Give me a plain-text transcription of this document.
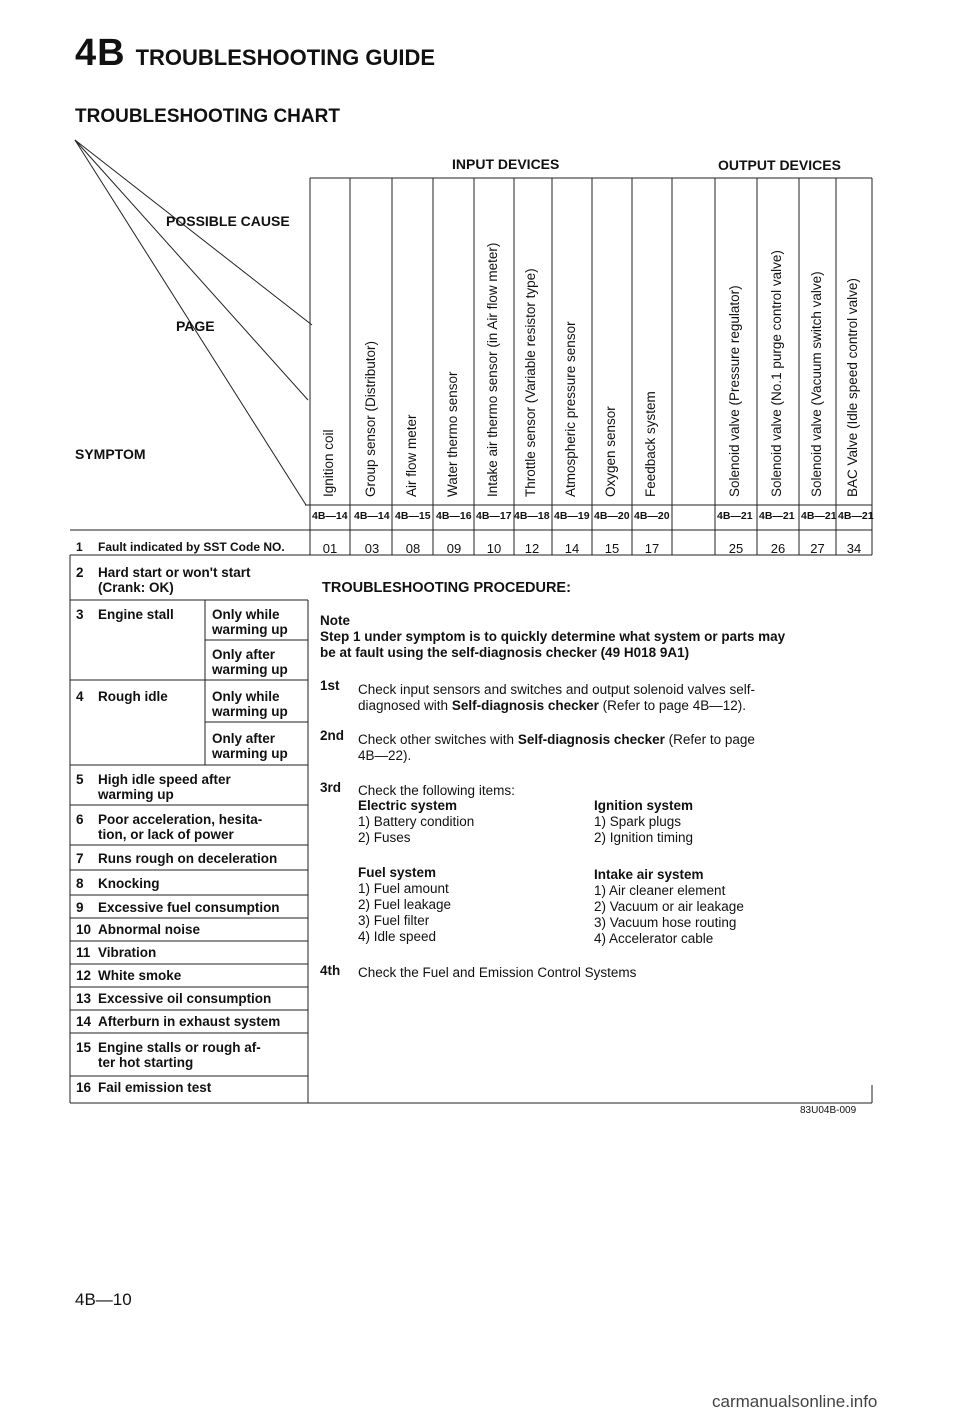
4B TROUBLESHOOTING GUIDE
TROUBLESHOOTING CHART
POSSIBLE CAUSE
PAGE
SYMPTOM
INPUT DEVICES	OUTPUT DEVICES
Ignition coil
4B—14
01
Group sensor (Distributor)
4B—14
03
Air flow meter
4B—15
08
Water thermo sensor
4B—16
09
Intake air thermo sensor (in Air flow meter)
4B—17
10
Throttle sensor (Variable resistor type)
4B—18
12
Atmospheric pressure sensor
4B—19
14
Oxygen sensor
4B—20
15
Feedback system
4B—20
17
Solenoid valve (Pressure regulator)
4B—21
25
Solenoid valve (No.1 purge control valve)
4B—21
26
Solenoid valve (Vacuum switch valve)
4B—21
27
BAC Valve (Idle speed control valve)
4B—21
34
1 Fault indicated by SST Code NO.
2 Hard start or won't start
(Crank: OK)
3 Engine stall
4 Rough idle
5 High idle speed after
warming up
6 Poor acceleration, hesita-
tion, or lack of power
7 Runs rough on deceleration
8 Knocking
9 Excessive fuel consumption
10 Abnormal noise
11 Vibration
12 White smoke
13 Excessive oil consumption
14 Afterburn in exhaust system
15 Engine stalls or rough af-
ter hot starting
16 Fail emission test
Only while
warming up
Only after
warming up
Only while
warming up
Only after
warming up
TROUBLESHOOTING PROCEDURE:
Note
Step 1 under symptom is to quickly determine what system or parts may
be at fault using the self-diagnosis checker (49 H018 9A1)
1st Check input sensors and switches and output solenoid valves self-
diagnosed with Self-diagnosis checker (Refer to page 4B—12).
2nd Check other switches with Self-diagnosis checker (Refer to page
4B—22).
3rd Check the following items:
Electric system
1) Battery condition
2) Fuses
Ignition system
1) Spark plugs
2) Ignition timing
Fuel system
1) Fuel amount
2) Fuel leakage
3) Fuel filter
4) Idle speed
Intake air system
1) Air cleaner element
2) Vacuum or air leakage
3) Vacuum hose routing
4) Accelerator cable
4th Check the Fuel and Emission Control Systems
83U04B-009
4B—10
carmanualsonline.info
